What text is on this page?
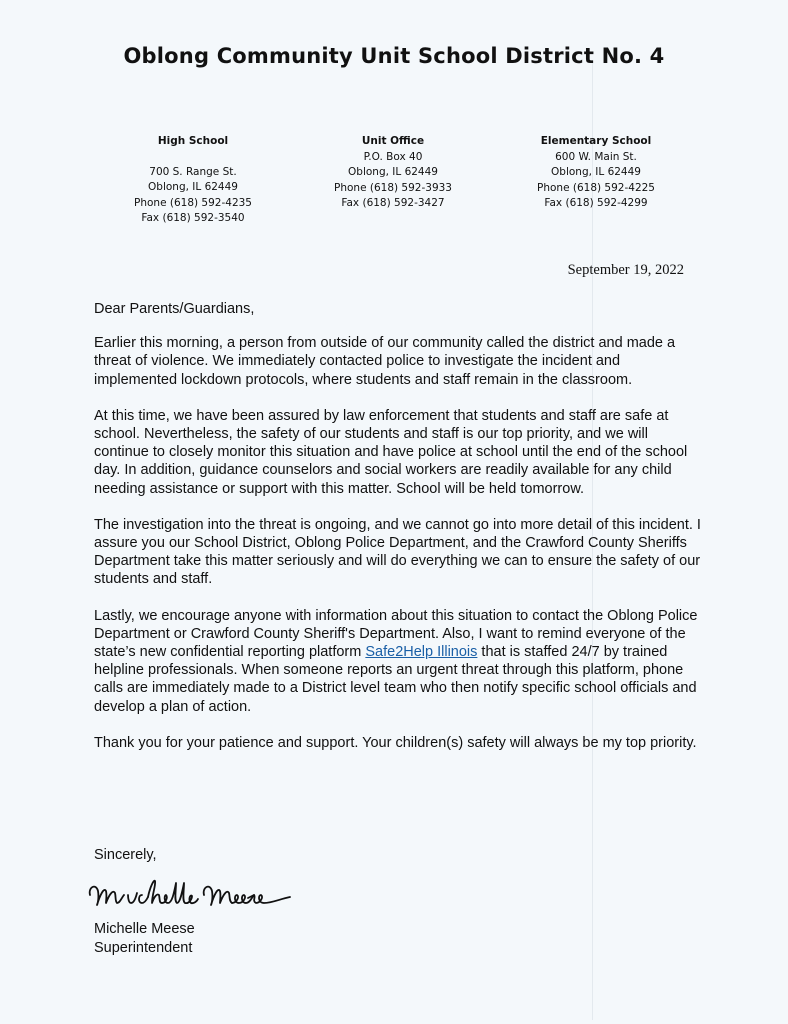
Oblong Community Unit School District No. 4
High School
700 S. Range St.
Oblong, IL 62449
Phone (618) 592-4235
Fax (618) 592-3540
Unit Office
P.O. Box 40
Oblong, IL 62449
Phone (618) 592-3933
Fax (618) 592-3427
Elementary School
600 W. Main St.
Oblong, IL 62449
Phone (618) 592-4225
Fax (618) 592-4299
September 19, 2022

Dear Parents/Guardians,

Earlier this morning, a person from outside of our community called the district and made a threat of violence. We immediately contacted police to investigate the incident and implemented lockdown protocols, where students and staff remain in the classroom.

At this time, we have been assured by law enforcement that students and staff are safe at school. Nevertheless, the safety of our students and staff is our top priority, and we will continue to closely monitor this situation and have police at school until the end of the school day. In addition, guidance counselors and social workers are readily available for any child needing assistance or support with this matter. School will be held tomorrow.

The investigation into the threat is ongoing, and we cannot go into more detail of this incident. I assure you our School District, Oblong Police Department, and the Crawford County Sheriffs Department take this matter seriously and will do everything we can to ensure the safety of our students and staff.

Lastly, we encourage anyone with information about this situation to contact the Oblong Police Department or Crawford County Sheriff's Department. Also, I want to remind everyone of the state’s new confidential reporting platform Safe2Help Illinois that is staffed 24/7 by trained helpline professionals. When someone reports an urgent threat through this platform, phone calls are immediately made to a District level team who then notify specific school officials and develop a plan of action.

Thank you for your patience and support. Your children(s) safety will always be my top priority.

Sincerely,
Michelle Meese
Superintendent
